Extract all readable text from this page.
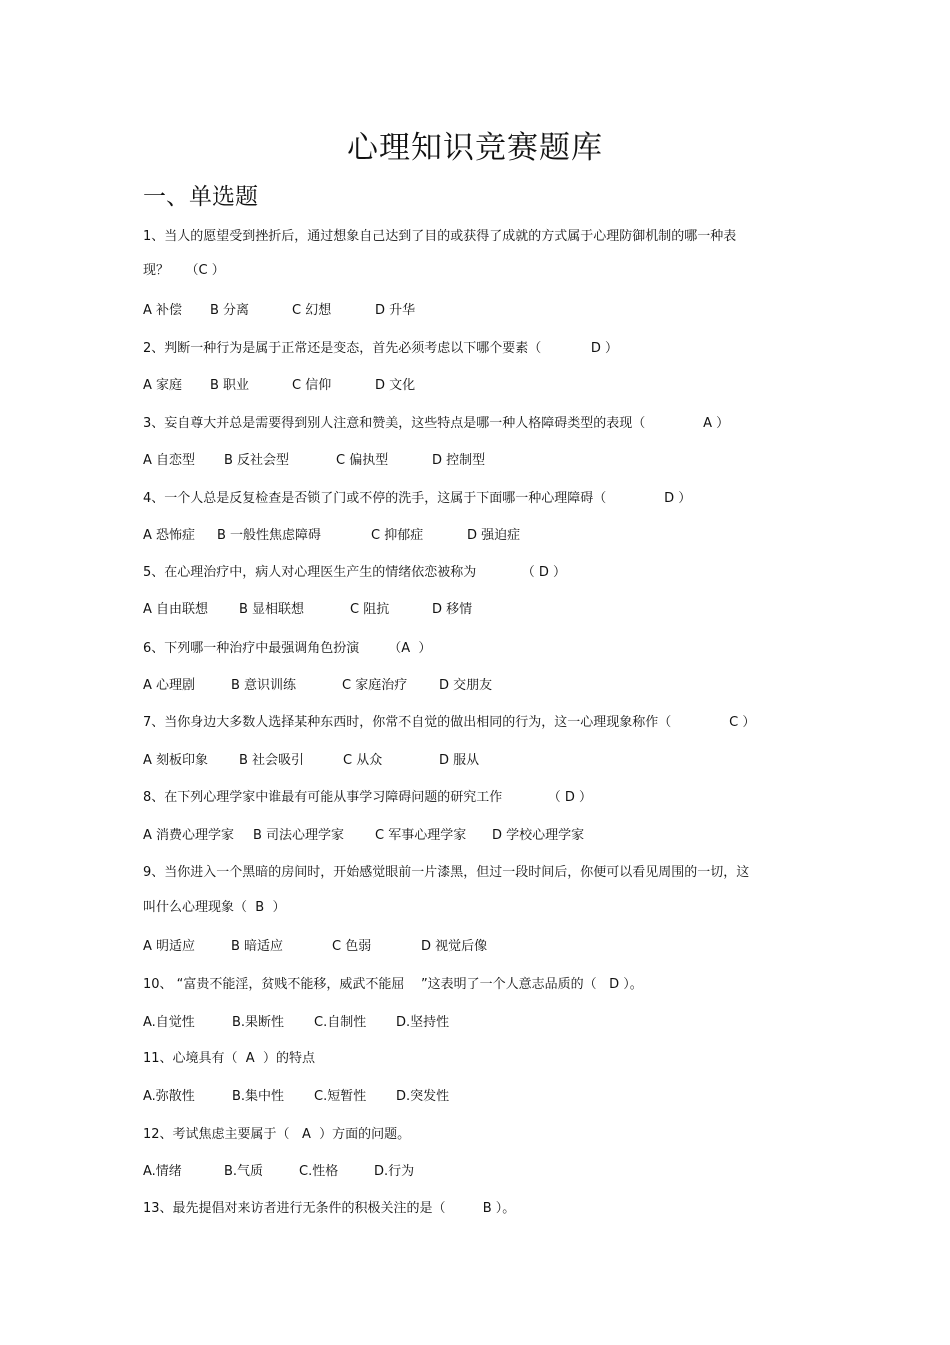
心理知识竞赛题库
一、单选题
1、当人的愿望受到挫折后，通过想象自己达到了目的或获得了成就的方式属于心理防御机制的哪一种表
现？    （C ）
A 补偿 B 分离	C 幻想	D 升华
2、判断一种行为是属于正常还是变态，首先必须考虑以下哪个要素（            D ）
A 家庭 B 职业	C 信仰	D 文化
3、妄自尊大并总是需要得到别人注意和赞美，这些特点是哪一种人格障碍类型的表现（              A ）
A 自恋型 B 反社会型	C 偏执型	D 控制型
4、一个人总是反复检查是否锁了门或不停的洗手，这属于下面哪一种心理障碍（              D ）
A 恐怖症 B 一般性焦虑障碍	C 抑郁症	D 强迫症
5、在心理治疗中，病人对心理医生产生的情绪依恋被称为           （ D ）
A 自由联想 B 显相联想	C 阻抗	D 移情
6、下列哪一种治疗中最强调角色扮演       （A  ）
A 心理剧	B 意识训练	C 家庭治疗 D 交朋友
7、当你身边大多数人选择某种东西时，你常不自觉的做出相同的行为，这一心理现象称作（              C ）
A 刻板印象 B 社会吸引	C 从众	D 服从
8、在下列心理学家中谁最有可能从事学习障碍问题的研究工作           （ D ）
A 消费心理学家 B 司法心理学家 C 军事心理学家 D 学校心理学家
9、当你进入一个黑暗的房间时，开始感觉眼前一片漆黑，但过一段时间后，你便可以看见周围的一切，这
叫什么心理现象（  B  ）
A 明适应	B 暗适应	C 色弱	D 视觉后像
10、 “富贵不能淫，贫贱不能移，威武不能屈    ”这表明了一个人意志品质的（   D ）。
A.自觉性	B.果断性 C.自制性 D.坚持性
11、心境具有（  A  ）的特点
A.弥散性	B.集中性 C.短暂性 D.突发性
12、考试焦虑主要属于（   A  ）方面的问题。
A.情绪	B.气质	C.性格	D.行为
13、最先提倡对来访者进行无条件的积极关注的是（         B ）。
